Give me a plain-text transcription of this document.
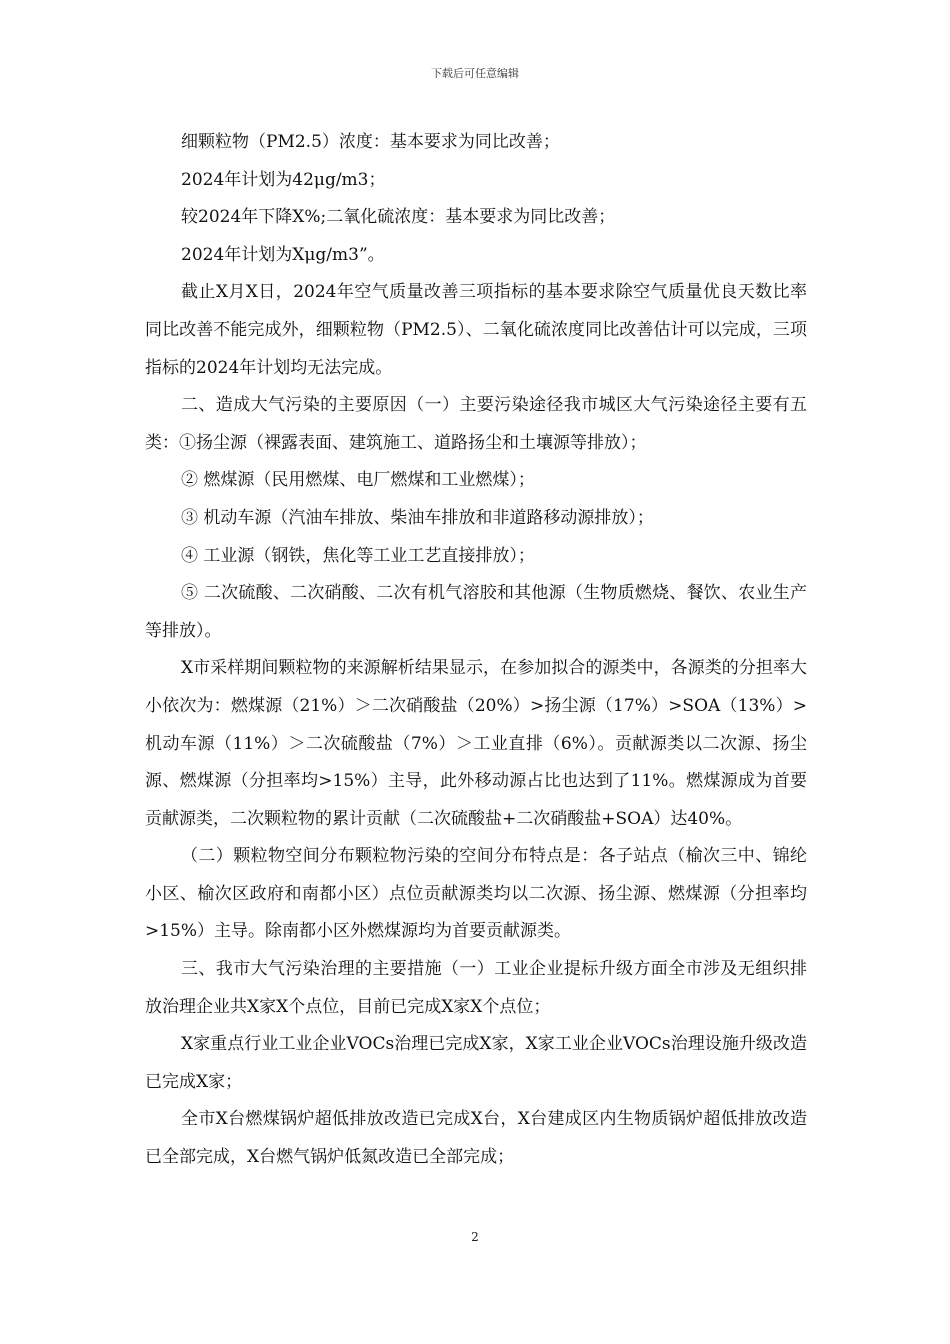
下载后可任意编辑

细颗粒物（PM2.5）浓度：基本要求为同比改善；

2024年计划为42μg/m3；

较2024年下降X%;二氧化硫浓度：基本要求为同比改善；

2024年计划为Xμg/m3”。

截止X月X日，2024年空气质量改善三项指标的基本要求除空气质量优良天数比率同比改善不能完成外，细颗粒物（PM2.5）、二氧化硫浓度同比改善估计可以完成，三项指标的2024年计划均无法完成。

二、造成大气污染的主要原因（一）主要污染途径我市城区大气污染途径主要有五类：①扬尘源（裸露表面、建筑施工、道路扬尘和土壤源等排放）；

② 燃煤源（民用燃煤、电厂燃煤和工业燃煤）；

③ 机动车源（汽油车排放、柴油车排放和非道路移动源排放）；

④ 工业源（钢铁，焦化等工业工艺直接排放）；

⑤ 二次硫酸、二次硝酸、二次有机气溶胶和其他源（生物质燃烧、餐饮、农业生产等排放）。

X市采样期间颗粒物的来源解析结果显示，在参加拟合的源类中，各源类的分担率大小依次为：燃煤源（21%）＞二次硝酸盐（20%）>扬尘源（17%）>SOA（13%）>机动车源（11%）＞二次硫酸盐（7%）＞工业直排（6%）。贡献源类以二次源、扬尘源、燃煤源（分担率均>15%）主导，此外移动源占比也达到了11%。燃煤源成为首要贡献源类，二次颗粒物的累计贡献（二次硫酸盐+二次硝酸盐+SOA）达40%。

（二）颗粒物空间分布颗粒物污染的空间分布特点是：各子站点（榆次三中、锦纶小区、榆次区政府和南都小区）点位贡献源类均以二次源、扬尘源、燃煤源（分担率均>15%）主导。除南都小区外燃煤源均为首要贡献源类。

三、我市大气污染治理的主要措施（一）工业企业提标升级方面全市涉及无组织排放治理企业共X家X个点位，目前已完成X家X个点位；

X家重点行业工业企业VOCs治理已完成X家，X家工业企业VOCs治理设施升级改造已完成X家；

全市X台燃煤锅炉超低排放改造已完成X台，X台建成区内生物质锅炉超低排放改造已全部完成，X台燃气锅炉低氮改造已全部完成；

2
